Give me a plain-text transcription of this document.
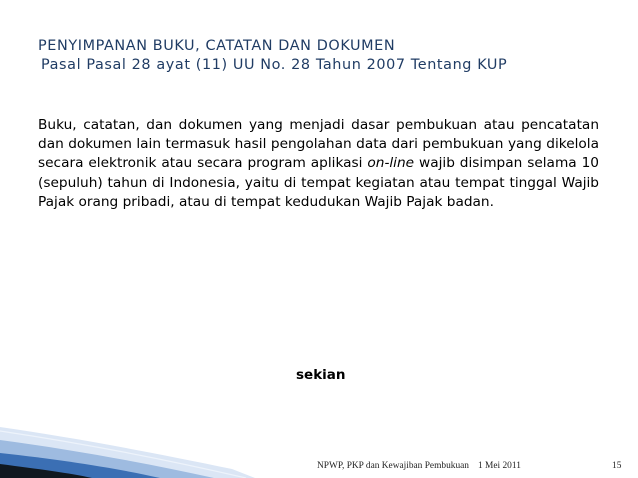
PENYIMPANAN BUKU, CATATAN DAN DOKUMEN
Pasal Pasal 28 ayat (11) UU No. 28 Tahun 2007 Tentang KUP
Buku, catatan, dan dokumen yang menjadi dasar pembukuan atau pencatatan dan dokumen lain termasuk hasil pengolahan data dari pembukuan yang dikelola secara elektronik atau secara program aplikasi on-line wajib disimpan selama 10 (sepuluh) tahun di Indonesia, yaitu di tempat kegiatan atau tempat tinggal Wajib Pajak orang pribadi, atau di tempat kedudukan Wajib Pajak badan.
sekian
NPWP, PKP dan Kewajiban Pembukuan 1 Mei 2011	15
